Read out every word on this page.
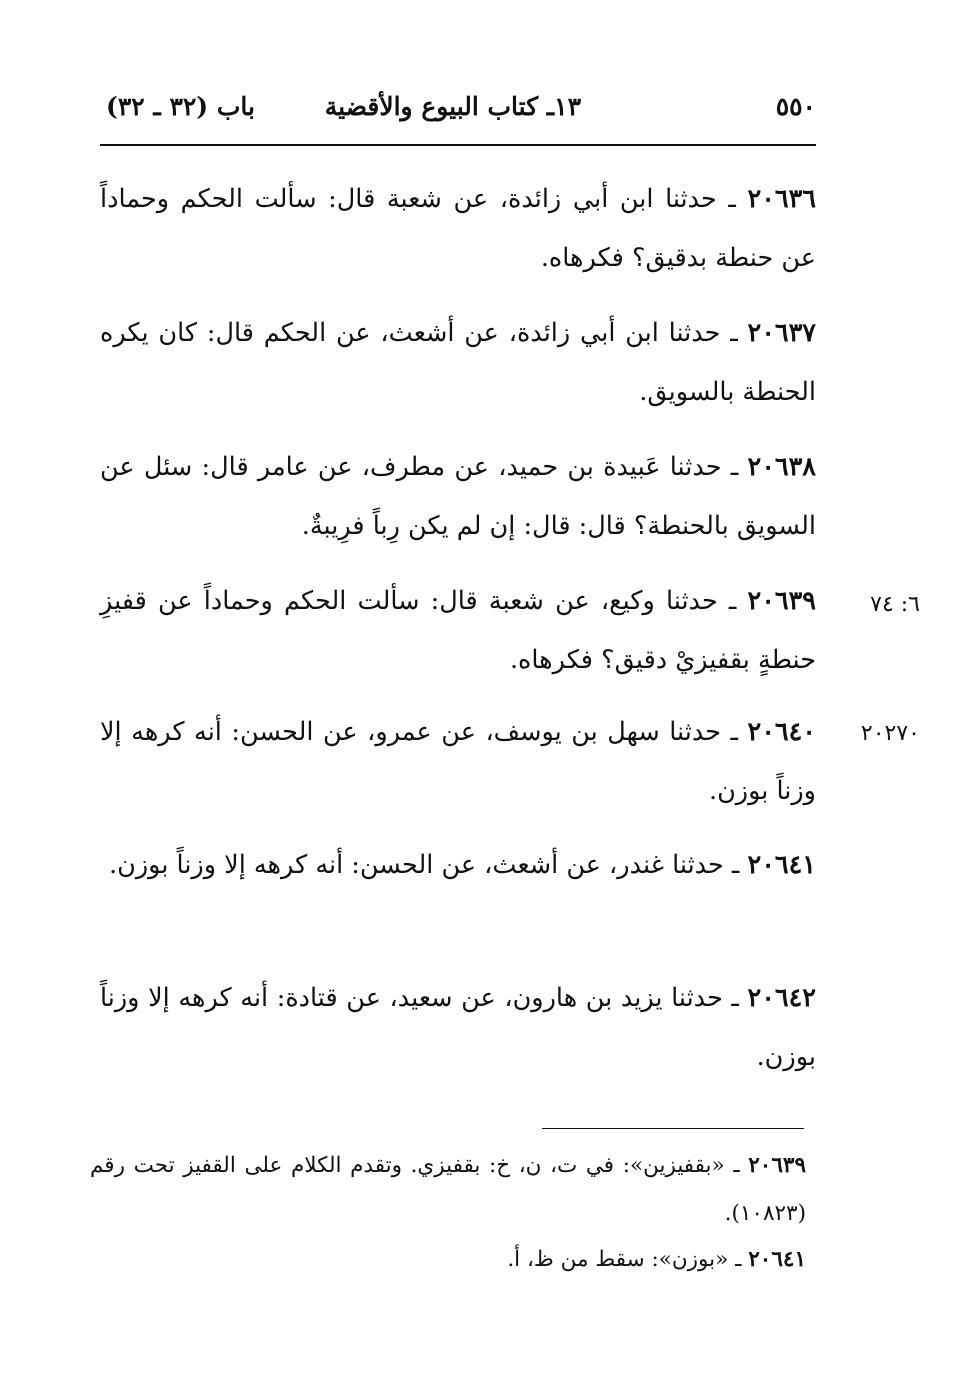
٥٥٠
١٣ـ كتاب البيوع والأقضية
باب (٣٢ ـ ٣٢)
٢٠٦٣٦ ـ حدثنا ابن أبي زائدة، عن شعبة قال: سألت الحكم وحماداً عن حنطة بدقيق؟ فكرهاه.
٢٠٦٣٧ ـ حدثنا ابن أبي زائدة، عن أشعث، عن الحكم قال: كان يكره الحنطة بالسويق.
٢٠٦٣٨ ـ حدثنا عَبيدة بن حميد، عن مطرف، عن عامر قال: سئل عن السويق بالحنطة؟ قال: قال: إن لم يكن رِباً فرِيبةٌ.
٦: ٧٤
٢٠٦٣٩ ـ حدثنا وكيع، عن شعبة قال: سألت الحكم وحماداً عن قفيزِ حنطةٍ بقفيزيْ دقيق؟ فكرهاه.
٢٠٢٧٠
٢٠٦٤٠ ـ حدثنا سهل بن يوسف، عن عمرو، عن الحسن: أنه كرهه إلا وزناً بوزن.
٢٠٦٤١ ـ حدثنا غندر، عن أشعث، عن الحسن: أنه كرهه إلا وزناً بوزن.
٢٠٦٤٢ ـ حدثنا يزيد بن هارون، عن سعيد، عن قتادة: أنه كرهه إلا وزناً بوزن.
٢٠٦٣٩ ـ «بقفيزين»: في ت، ن، خ: بقفيزي. وتقدم الكلام على القفيز تحت رقم (١٠٨٢٣).
٢٠٦٤١ ـ «بوزن»: سقط من ظ، أ.
